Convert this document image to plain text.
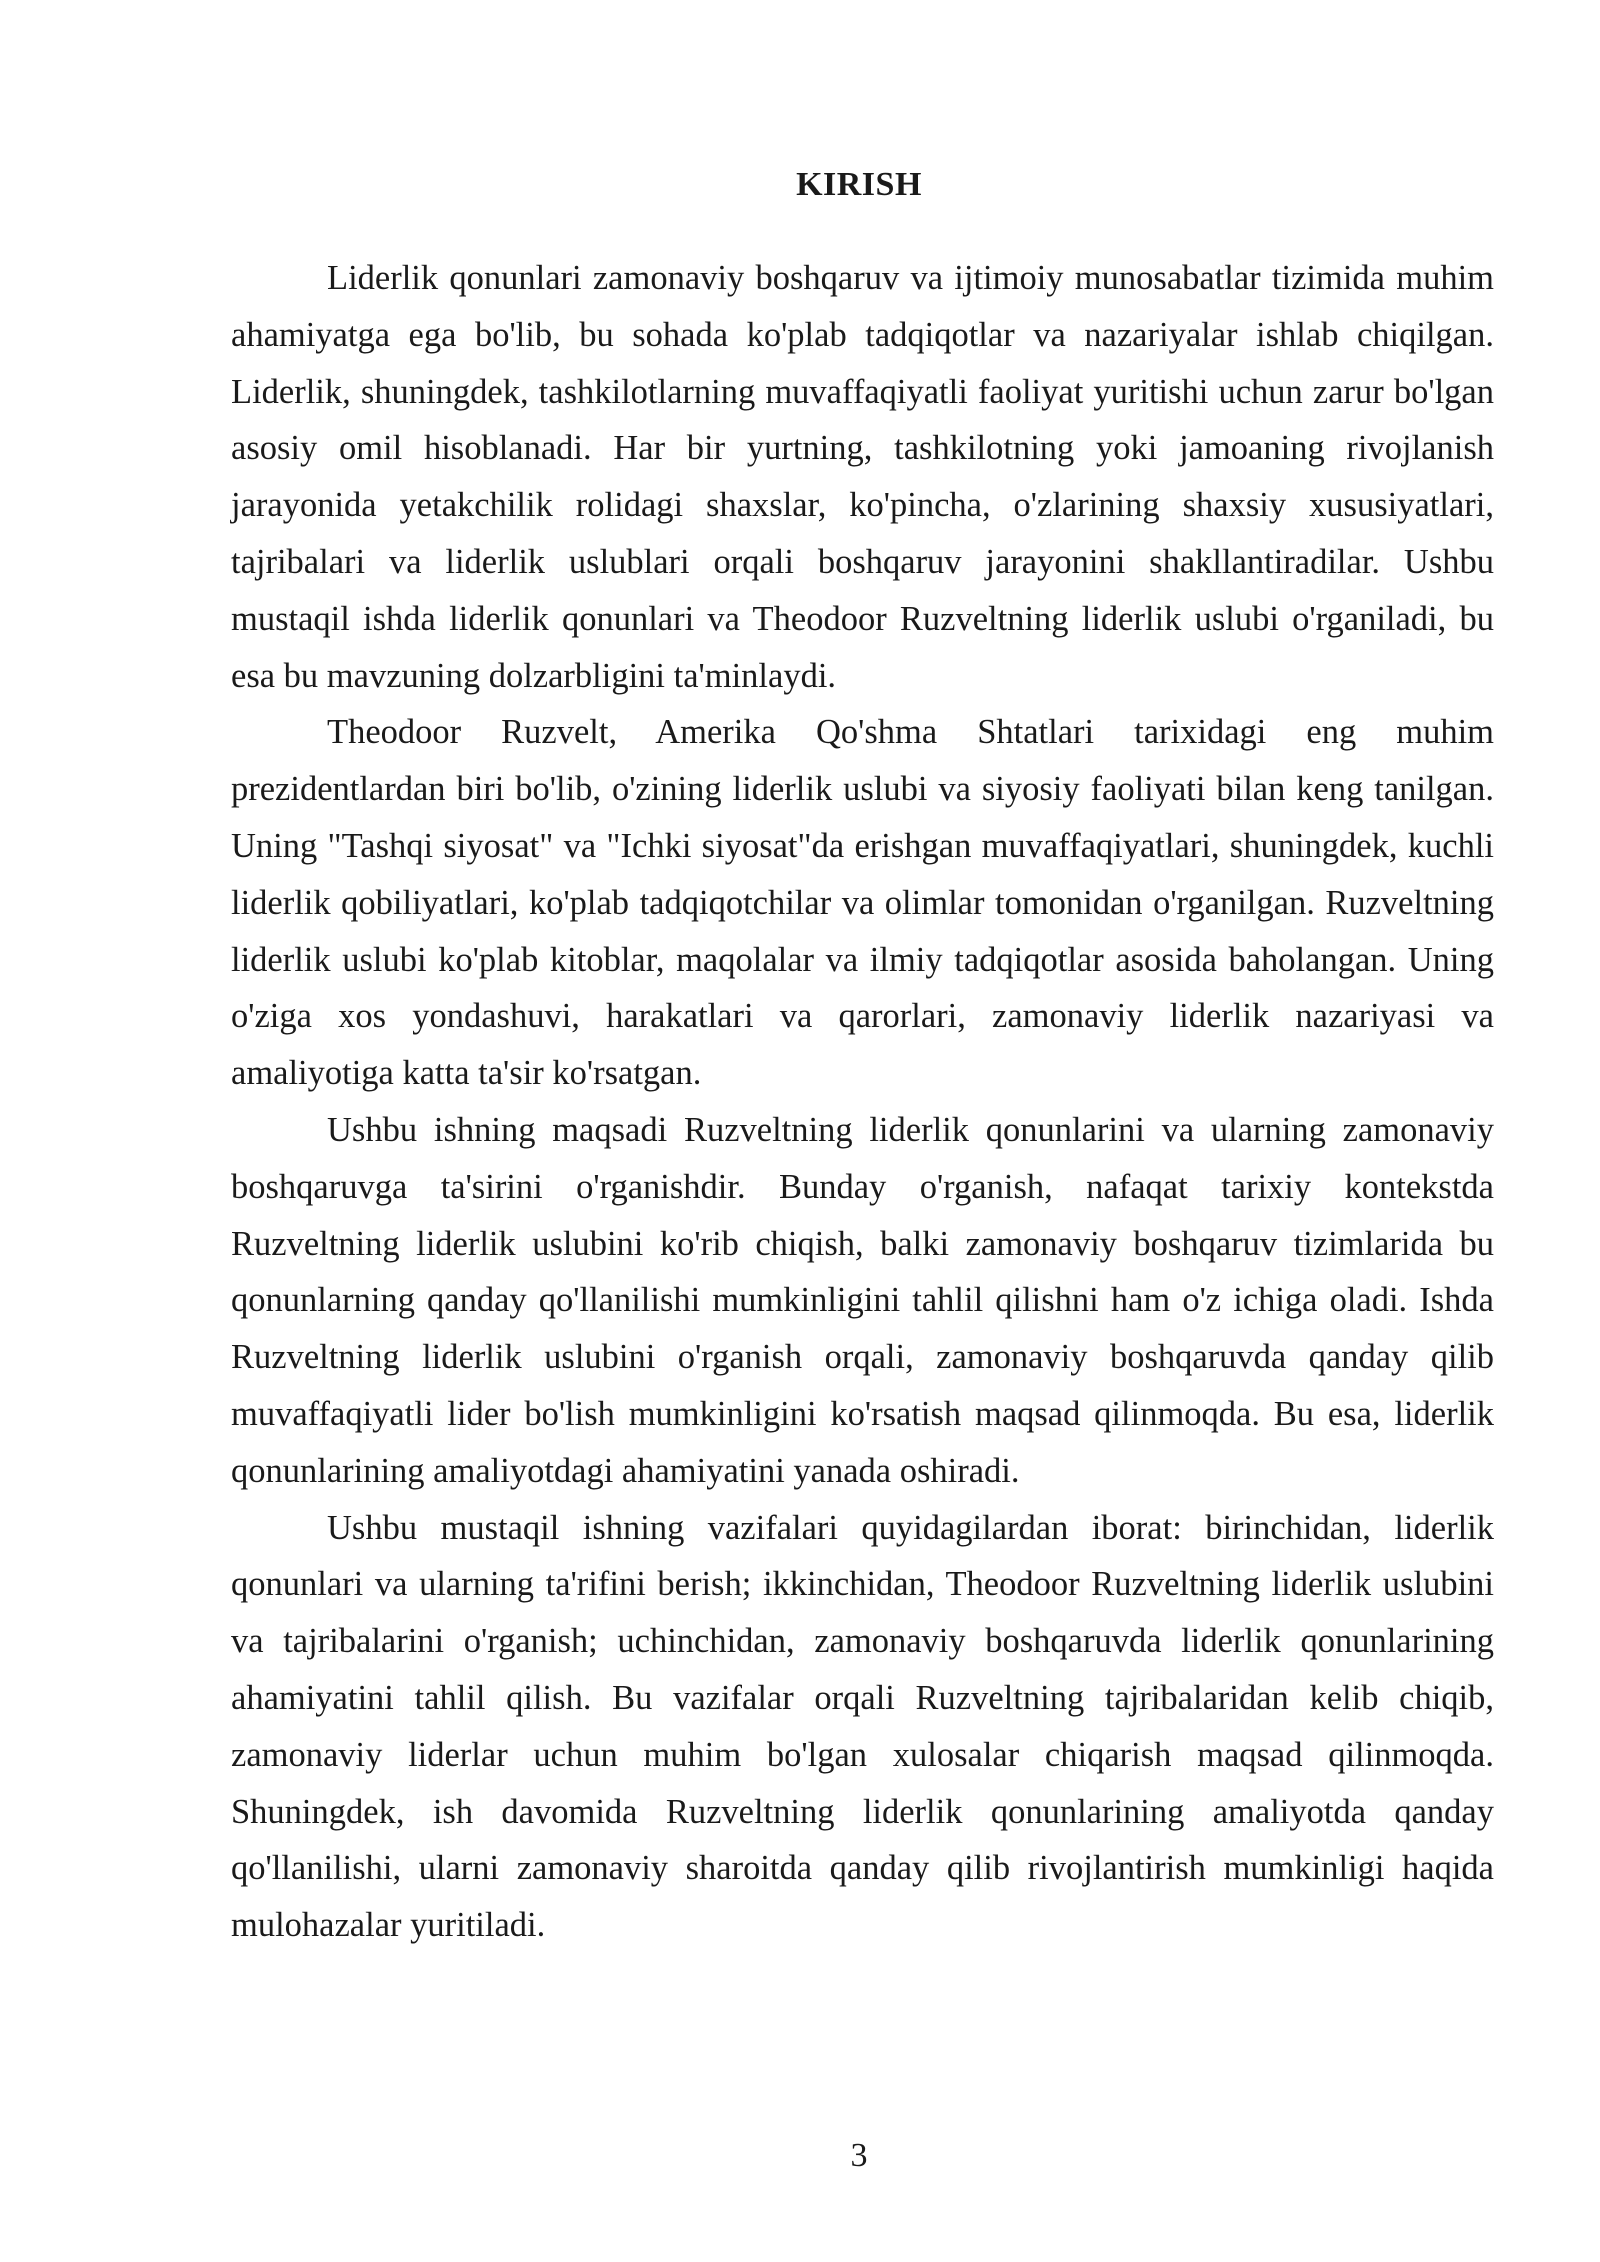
KIRISH

Liderlik qonunlari zamonaviy boshqaruv va ijtimoiy munosabatlar tizimida muhim ahamiyatga ega bo'lib, bu sohada ko'plab tadqiqotlar va nazariyalar ishlab chiqilgan. Liderlik, shuningdek, tashkilotlarning muvaffaqiyatli faoliyat yuritishi uchun zarur bo'lgan asosiy omil hisoblanadi. Har bir yurtning, tashkilotning yoki jamoaning rivojlanish jarayonida yetakchilik rolidagi shaxslar, ko'pincha, o'zlarining shaxsiy xususiyatlari, tajribalari va liderlik uslublari orqali boshqaruv jarayonini shakllantiradilar. Ushbu mustaqil ishda liderlik qonunlari va Theodoor Ruzveltning liderlik uslubi o'rganiladi, bu esa bu mavzuning dolzarbligini ta'minlaydi.

Theodoor Ruzvelt, Amerika Qo'shma Shtatlari tarixidagi eng muhim prezidentlardan biri bo'lib, o'zining liderlik uslubi va siyosiy faoliyati bilan keng tanilgan. Uning "Tashqi siyosat" va "Ichki siyosat"da erishgan muvaffaqiyatlari, shuningdek, kuchli liderlik qobiliyatlari, ko'plab tadqiqotchilar va olimlar tomonidan o'rganilgan. Ruzveltning liderlik uslubi ko'plab kitoblar, maqolalar va ilmiy tadqiqotlar asosida baholangan. Uning o'ziga xos yondashuvi, harakatlari va qarorlari, zamonaviy liderlik nazariyasi va amaliyotiga katta ta'sir ko'rsatgan.

Ushbu ishning maqsadi Ruzveltning liderlik qonunlarini va ularning zamonaviy boshqaruvga ta'sirini o'rganishdir. Bunday o'rganish, nafaqat tarixiy kontekstda Ruzveltning liderlik uslubini ko'rib chiqish, balki zamonaviy boshqaruv tizimlarida bu qonunlarning qanday qo'llanilishi mumkinligini tahlil qilishni ham o'z ichiga oladi. Ishda Ruzveltning liderlik uslubini o'rganish orqali, zamonaviy boshqaruvda qanday qilib muvaffaqiyatli lider bo'lish mumkinligini ko'rsatish maqsad qilinmoqda. Bu esa, liderlik qonunlarining amaliyotdagi ahamiyatini yanada oshiradi.

Ushbu mustaqil ishning vazifalari quyidagilardan iborat: birinchidan, liderlik qonunlari va ularning ta'rifini berish; ikkinchidan, Theodoor Ruzveltning liderlik uslubini va tajribalarini o'rganish; uchinchidan, zamonaviy boshqaruvda liderlik qonunlarining ahamiyatini tahlil qilish. Bu vazifalar orqali Ruzveltning tajribalaridan kelib chiqib, zamonaviy liderlar uchun muhim bo'lgan xulosalar chiqarish maqsad qilinmoqda. Shuningdek, ish davomida Ruzveltning liderlik qonunlarining amaliyotda qanday qo'llanilishi, ularni zamonaviy sharoitda qanday qilib rivojlantirish mumkinligi haqida mulohazalar yuritiladi.

3
